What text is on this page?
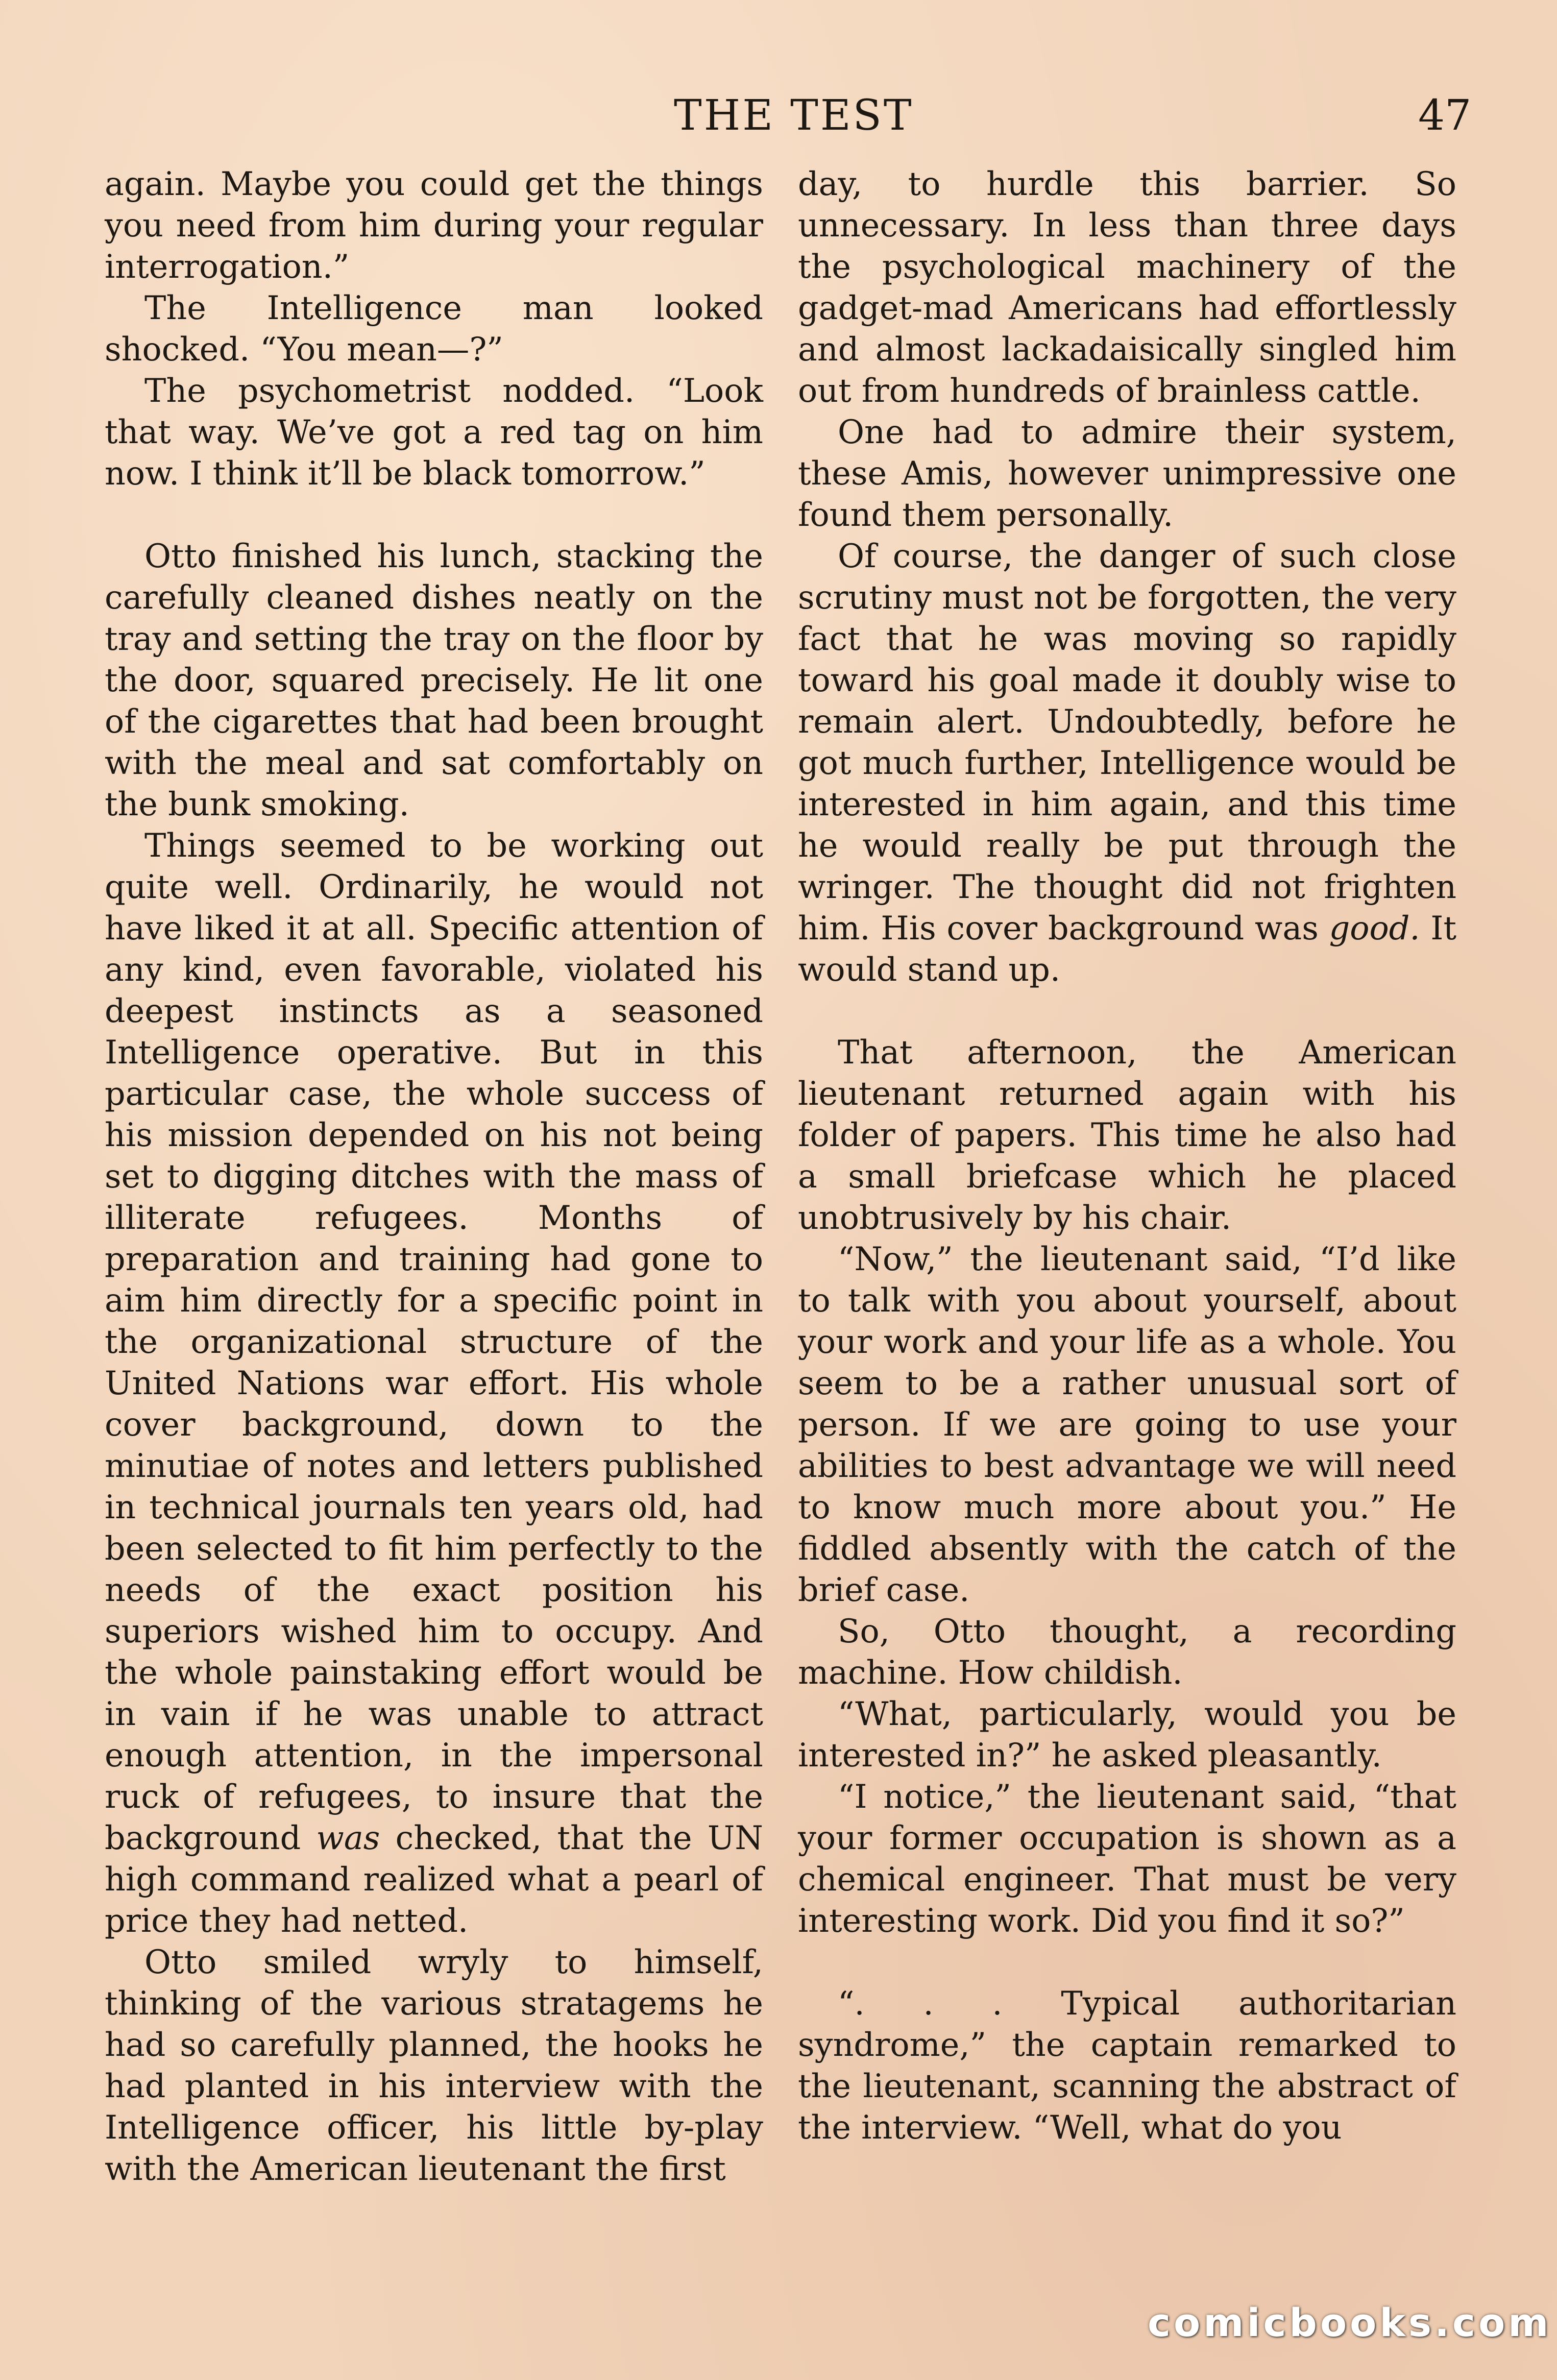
THE TEST	47

again. Maybe you could get the things you need from him during your regular interrogation.”

The Intelligence man looked shocked. “You mean—?”

The psychometrist nodded. “Look that way. We’ve got a red tag on him now. I think it’ll be black tomorrow.”

Otto finished his lunch, stacking the carefully cleaned dishes neatly on the tray and setting the tray on the floor by the door, squared precisely. He lit one of the cigarettes that had been brought with the meal and sat comfortably on the bunk smoking.

Things seemed to be working out quite well. Ordinarily, he would not have liked it at all. Specific attention of any kind, even favorable, violated his deepest instincts as a seasoned Intelligence operative. But in this particular case, the whole success of his mission depended on his not being set to digging ditches with the mass of illiterate refugees. Months of preparation and training had gone to aim him directly for a specific point in the organizational structure of the United Nations war effort. His whole cover background, down to the minutiae of notes and letters published in technical journals ten years old, had been selected to fit him perfectly to the needs of the exact position his superiors wished him to occupy. And the whole painstaking effort would be in vain if he was unable to attract enough attention, in the impersonal ruck of refugees, to insure that the background was checked, that the UN high command realized what a pearl of price they had netted.

Otto smiled wryly to himself, thinking of the various stratagems he had so carefully planned, the hooks he had planted in his interview with the Intelligence officer, his little by-play with the American lieutenant the first

day, to hurdle this barrier. So unnecessary. In less than three days the psychological machinery of the gadget-mad Americans had effortlessly and almost lackadaisically singled him out from hundreds of brainless cattle.

One had to admire their system, these Amis, however unimpressive one found them personally.

Of course, the danger of such close scrutiny must not be forgotten, the very fact that he was moving so rapidly toward his goal made it doubly wise to remain alert. Undoubtedly, before he got much further, Intelligence would be interested in him again, and this time he would really be put through the wringer. The thought did not frighten him. His cover background was good. It would stand up.

That afternoon, the American lieutenant returned again with his folder of papers. This time he also had a small briefcase which he placed unobtrusively by his chair.

“Now,” the lieutenant said, “I’d like to talk with you about yourself, about your work and your life as a whole. You seem to be a rather unusual sort of person. If we are going to use your abilities to best advantage we will need to know much more about you.” He fiddled absently with the catch of the brief case.

So, Otto thought, a recording machine. How childish.

“What, particularly, would you be interested in?” he asked pleasantly.

“I notice,” the lieutenant said, “that your former occupation is shown as a chemical engineer. That must be very interesting work. Did you find it so?”

“. . . Typical authoritarian syndrome,” the captain remarked to the lieutenant, scanning the abstract of the interview. “Well, what do you

comicbooks.com
